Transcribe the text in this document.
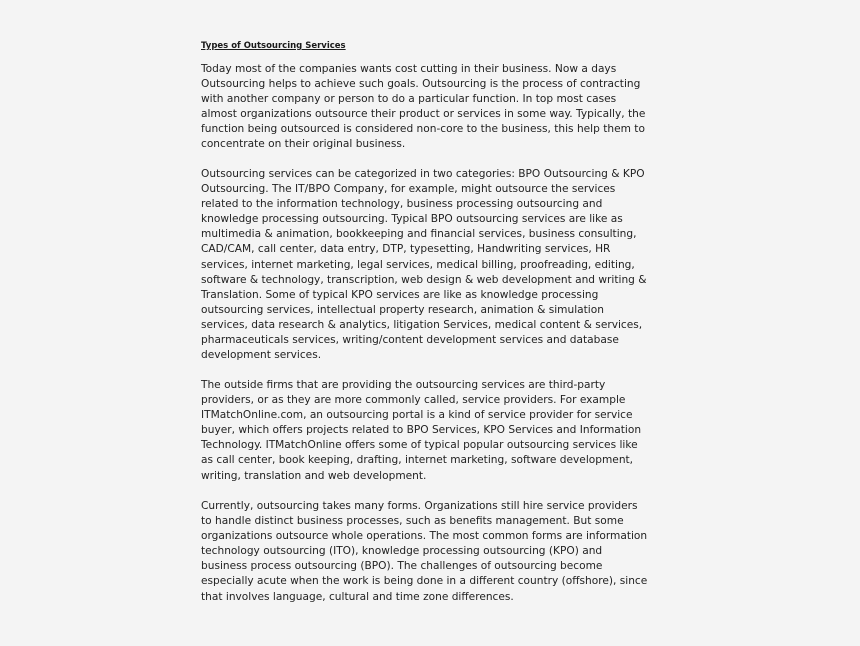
Types of Outsourcing Services
Today most of the companies wants cost cutting in their business. Now a days
Outsourcing helps to achieve such goals. Outsourcing is the process of contracting
with another company or person to do a particular function. In top most cases
almost organizations outsource their product or services in some way. Typically, the
function being outsourced is considered non-core to the business, this help them to
concentrate on their original business.
Outsourcing services can be categorized in two categories: BPO Outsourcing & KPO
Outsourcing. The IT/BPO Company, for example, might outsource the services
related to the information technology, business processing outsourcing and
knowledge processing outsourcing. Typical BPO outsourcing services are like as
multimedia & animation, bookkeeping and financial services, business consulting,
CAD/CAM, call center, data entry, DTP, typesetting, Handwriting services, HR
services, internet marketing, legal services, medical billing, proofreading, editing,
software & technology, transcription, web design & web development and writing &
Translation. Some of typical KPO services are like as knowledge processing
outsourcing services, intellectual property research, animation & simulation
services, data research & analytics, litigation Services, medical content & services,
pharmaceuticals services, writing/content development services and database
development services.
The outside firms that are providing the outsourcing services are third-party
providers, or as they are more commonly called, service providers. For example
ITMatchOnline.com, an outsourcing portal is a kind of service provider for service
buyer, which offers projects related to BPO Services, KPO Services and Information
Technology. ITMatchOnline offers some of typical popular outsourcing services like
as call center, book keeping, drafting, internet marketing, software development,
writing, translation and web development.
Currently, outsourcing takes many forms. Organizations still hire service providers
to handle distinct business processes, such as benefits management. But some
organizations outsource whole operations. The most common forms are information
technology outsourcing (ITO), knowledge processing outsourcing (KPO) and
business process outsourcing (BPO). The challenges of outsourcing become
especially acute when the work is being done in a different country (offshore), since
that involves language, cultural and time zone differences.
